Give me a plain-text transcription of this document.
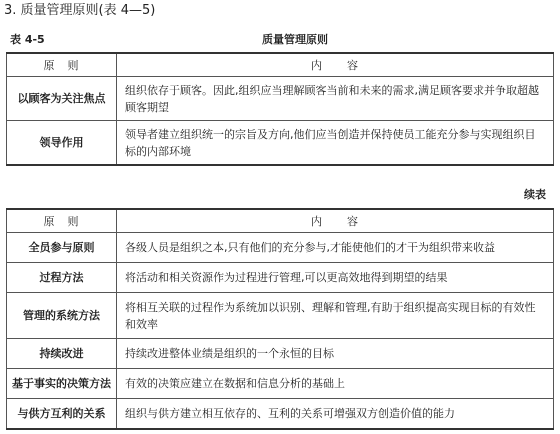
3. 质量管理原则(表 4—5)
表 4-5	质量管理原则
原　则	内　　容
以顾客为关注焦点	组织依存于顾客。因此,组织应当理解顾客当前和未来的需求,满足顾客要求并争取超越顾客期望
领导作用	领导者建立组织统一的宗旨及方向,他们应当创造并保持使员工能充分参与实现组织目标的内部环境
续表
原　则	内　　容
全员参与原则	各级人员是组织之本,只有他们的充分参与,才能使他们的才干为组织带来收益
过程方法	将活动和相关资源作为过程进行管理,可以更高效地得到期望的结果
管理的系统方法	将相互关联的过程作为系统加以识别、理解和管理,有助于组织提高实现目标的有效性和效率
持续改进	持续改进整体业绩是组织的一个永恒的目标
基于事实的决策方法	有效的决策应建立在数据和信息分析的基础上
与供方互利的关系	组织与供方建立相互依存的、互利的关系可增强双方创造价值的能力
